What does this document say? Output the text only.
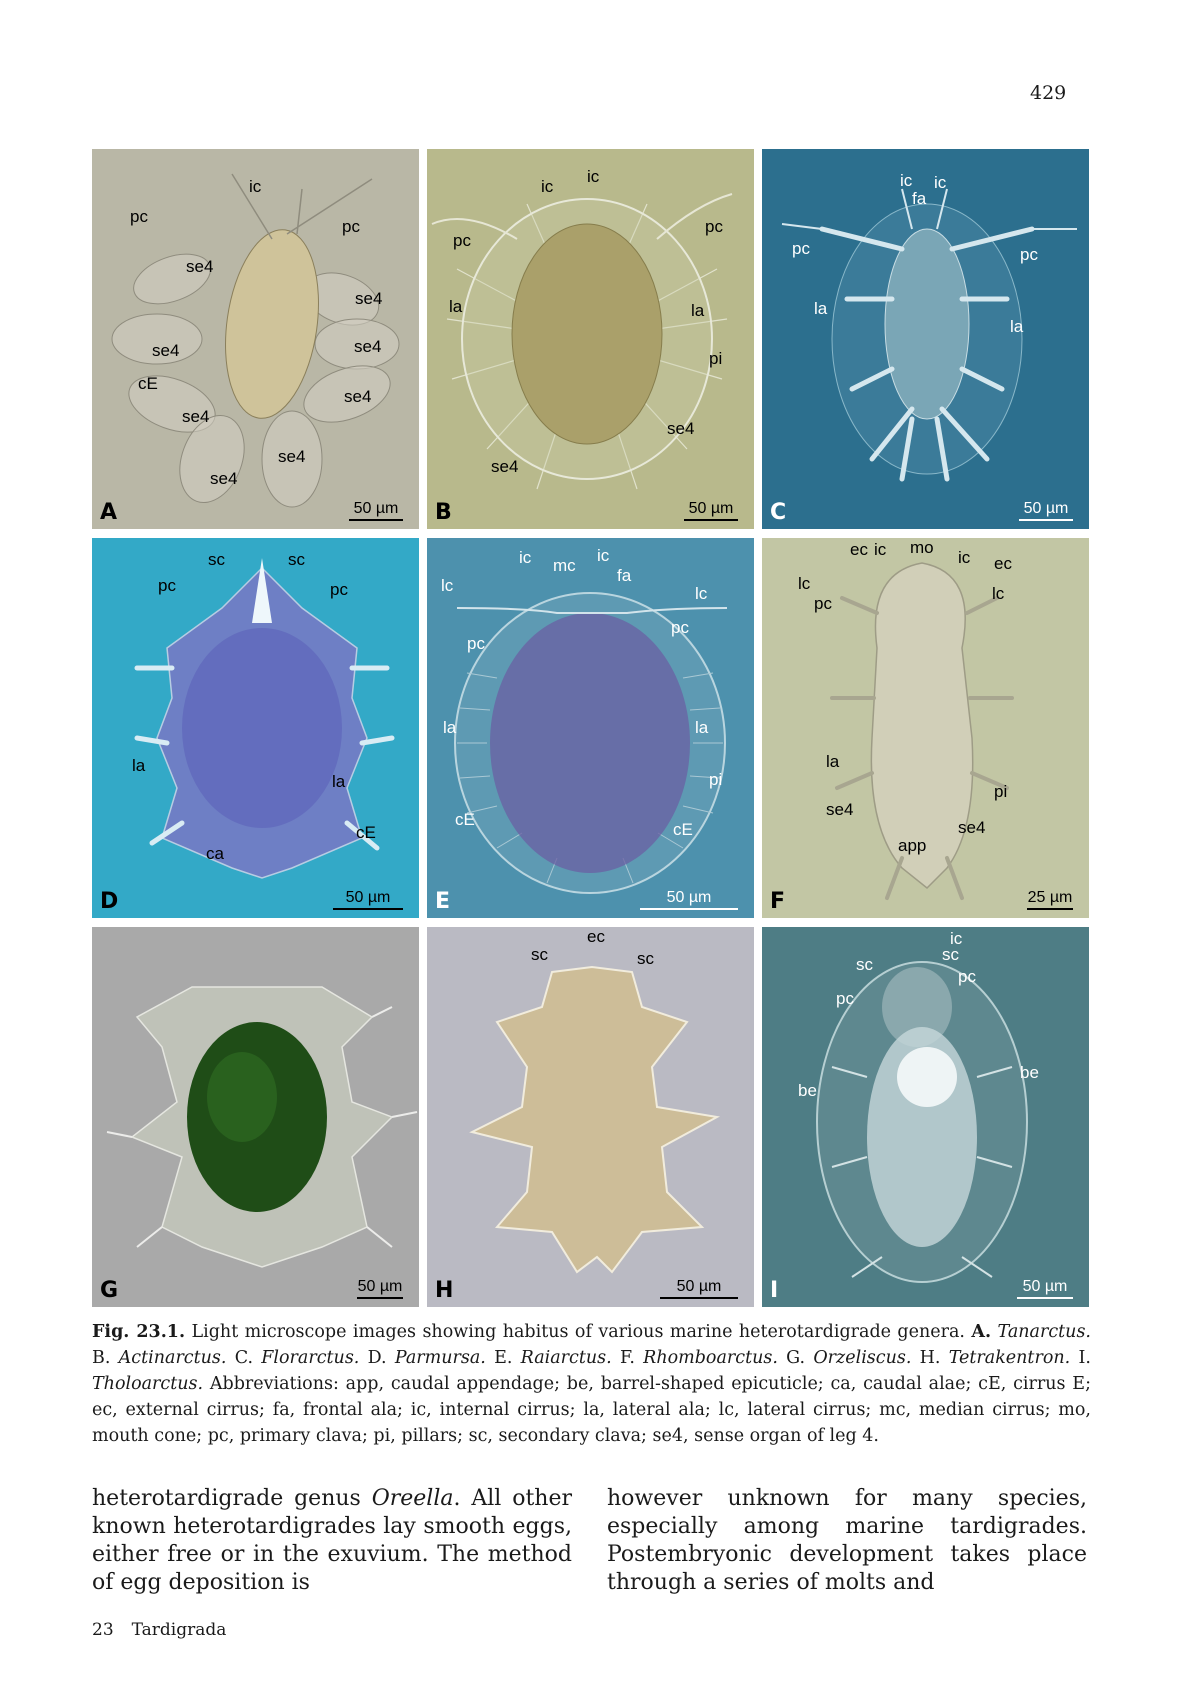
429
pc
ic
pc
se4
se4
se4
se4
cE
se4
se4
se4
se4
50 µm
A
ic
ic
pc
pc
la	la
pi
se4
se4
50 µm
B
ic
fa
ic
pc	pc
la
la
50 µm
C
sc	sc
pc	pc
la
la
cE
ca
50 µm
D
ic mc
ic
fa
lc	lc
pc
pc
la	la
pi
cE
cE
50 µm
E
ec ic mo
ic ec
lc
pc
lc
la
pi
se4
se4
app
25 µm
F
50 µm
G
ec
sc	sc
50 µm
H
ic
sc
sc
pc
pc
be
be
50 µm
I
Fig. 23.1. Light microscope images showing habitus of various marine heterotardigrade genera. A. Tanarctus. B. Actinarctus. C. Florarctus. D. Parmursa. E. Raiarctus. F. Rhomboarctus. G. Orzeliscus. H. Tetrakentron. I. Tholoarctus. Abbreviations: app, caudal appendage; be, barrel-shaped epicuticle; ca, caudal alae; cE, cirrus E; ec, external cirrus; fa, frontal ala; ic, internal cirrus; la, lateral ala; lc, lateral cirrus; mc, median cirrus; mo, mouth cone; pc, primary clava; pi, pillars; sc, secondary clava; se4, sense organ of leg 4.
heterotardigrade genus Oreella. All other known heterotardigrades lay smooth eggs, either free or in the exuvium. The method of egg deposition is
however unknown for many species, especially among marine tardigrades. Postembryonic development takes place through a series of molts and
23 Tardigrada
